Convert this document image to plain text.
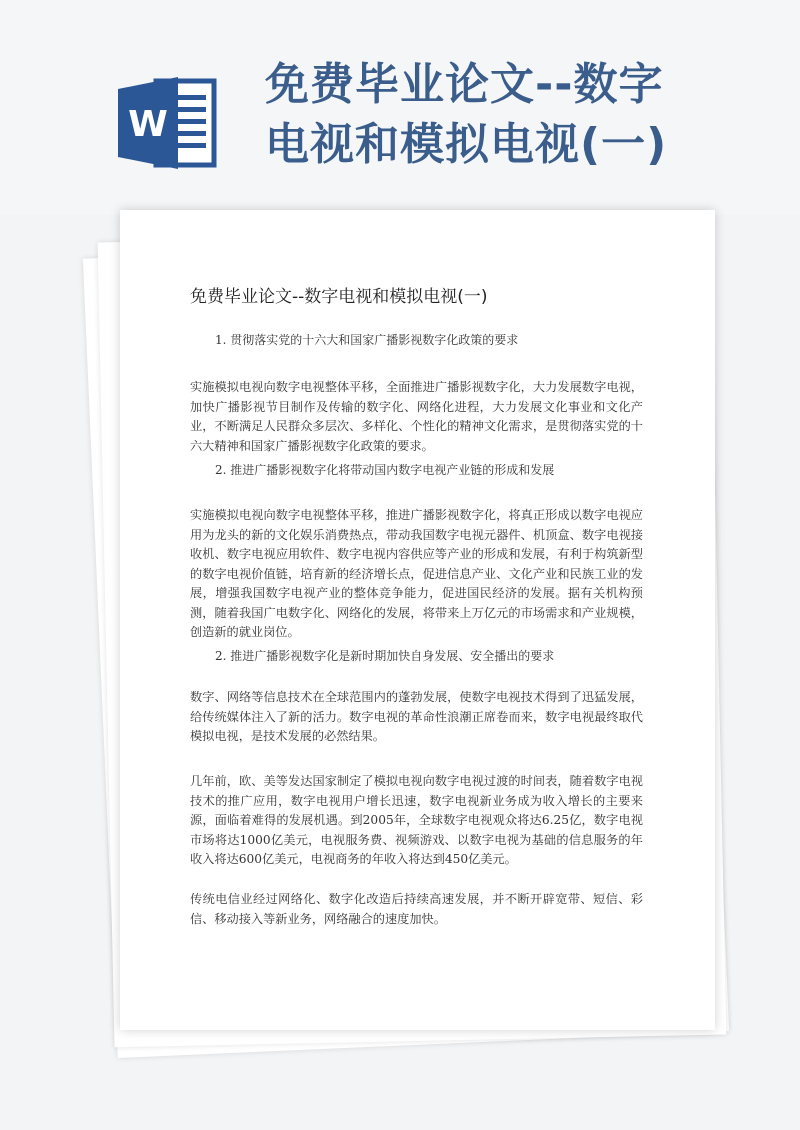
W
免费毕业论文--数字
电视和模拟电视(一)
免费毕业论文--数字电视和模拟电视(一)
1. 贯彻落实党的十六大和国家广播影视数字化政策的要求
实施模拟电视向数字电视整体平移，全面推进广播影视数字化，大力发展数字电视，加快广播影视节目制作及传输的数字化、网络化进程，大力发展文化事业和文化产业，不断满足人民群众多层次、多样化、个性化的精神文化需求，是贯彻落实党的十六大精神和国家广播影视数字化政策的要求。
2. 推进广播影视数字化将带动国内数字电视产业链的形成和发展
实施模拟电视向数字电视整体平移，推进广播影视数字化，将真正形成以数字电视应用为龙头的新的文化娱乐消费热点，带动我国数字电视元器件、机顶盒、数字电视接收机、数字电视应用软件、数字电视内容供应等产业的形成和发展，有利于构筑新型的数字电视价值链，培育新的经济增长点，促进信息产业、文化产业和民族工业的发展，增强我国数字电视产业的整体竞争能力，促进国民经济的发展。据有关机构预测，随着我国广电数字化、网络化的发展，将带来上万亿元的市场需求和产业规模，创造新的就业岗位。
2. 推进广播影视数字化是新时期加快自身发展、安全播出的要求
数字、网络等信息技术在全球范围内的蓬勃发展，使数字电视技术得到了迅猛发展，给传统媒体注入了新的活力。数字电视的革命性浪潮正席卷而来，数字电视最终取代模拟电视，是技术发展的必然结果。
几年前，欧、美等发达国家制定了模拟电视向数字电视过渡的时间表，随着数字电视技术的推广应用，数字电视用户增长迅速，数字电视新业务成为收入增长的主要来源，面临着难得的发展机遇。到2005年，全球数字电视观众将达6.25亿，数字电视市场将达1000亿美元，电视服务费、视频游戏、以数字电视为基础的信息服务的年收入将达600亿美元，电视商务的年收入将达到450亿美元。
传统电信业经过网络化、数字化改造后持续高速发展，并不断开辟宽带、短信、彩信、移动接入等新业务，网络融合的速度加快。
